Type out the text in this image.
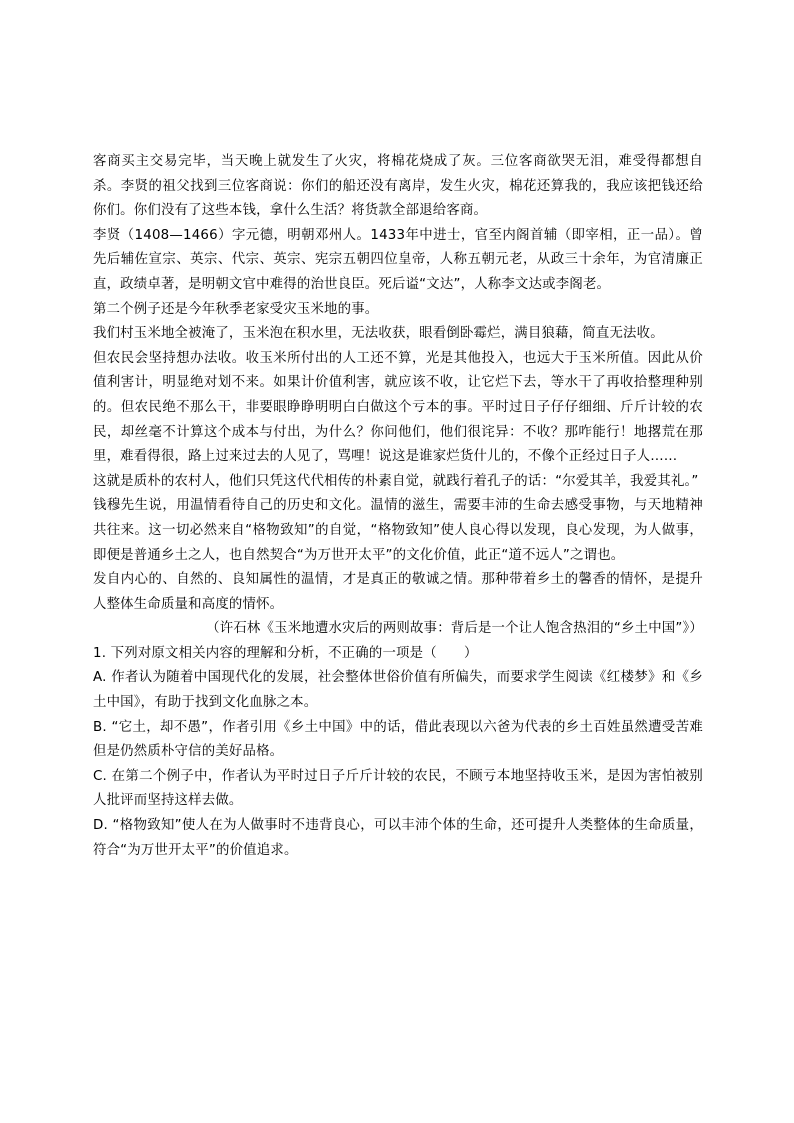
客商买主交易完毕，当天晚上就发生了火灾，将棉花烧成了灰。三位客商欲哭无泪，难受得都想自杀。李贤的祖父找到三位客商说：你们的船还没有离岸，发生火灾，棉花还算我的，我应该把钱还给你们。你们没有了这些本钱，拿什么生活？将货款全部退给客商。

李贤（1408—1466）字元德，明朝邓州人。1433年中进士，官至内阁首辅（即宰相，正一品）。曾先后辅佐宣宗、英宗、代宗、英宗、宪宗五朝四位皇帝，人称五朝元老，从政三十余年，为官清廉正直，政绩卓著，是明朝文官中难得的治世良臣。死后谥“文达”，人称李文达或李阁老。

第二个例子还是今年秋季老家受灾玉米地的事。

我们村玉米地全被淹了，玉米泡在积水里，无法收获，眼看倒卧霉烂，满目狼藉，简直无法收。

但农民会坚持想办法收。收玉米所付出的人工还不算，光是其他投入，也远大于玉米所值。因此从价值利害计，明显绝对划不来。如果计价值利害，就应该不收，让它烂下去，等水干了再收拾整理种别的。但农民绝不那么干，非要眼睁睁明明白白做这个亏本的事。平时过日子仔仔细细、斤斤计较的农民，却丝毫不计算这个成本与付出，为什么？你问他们，他们很诧异：不收？那咋能行！地撂荒在那里，难看得很，路上过来过去的人见了，骂哩！说这是谁家烂货什儿的，不像个正经过日子人……

这就是质朴的农村人，他们只凭这代代相传的朴素自觉，就践行着孔子的话：“尔爱其羊，我爱其礼。”

钱穆先生说，用温情看待自己的历史和文化。温情的滋生，需要丰沛的生命去感受事物，与天地精神共往来。这一切必然来自“格物致知”的自觉，“格物致知”使人良心得以发现，良心发现，为人做事，即便是普通乡土之人，也自然契合“为万世开太平”的文化价值，此正“道不远人”之谓也。

发自内心的、自然的、良知属性的温情，才是真正的敬诚之情。那种带着乡土的馨香的情怀，是提升人整体生命质量和高度的情怀。

（许石林《玉米地遭水灾后的两则故事：背后是一个让人饱含热泪的“乡土中国”》）

1. 下列对原文相关内容的理解和分析，不正确的一项是（　　）

A. 作者认为随着中国现代化的发展，社会整体世俗价值有所偏失，而要求学生阅读《红楼梦》和《乡土中国》，有助于找到文化血脉之本。

B. “它土，却不愚”，作者引用《乡土中国》中的话，借此表现以六爸为代表的乡土百姓虽然遭受苦难但是仍然质朴守信的美好品格。

C. 在第二个例子中，作者认为平时过日子斤斤计较的农民，不顾亏本地坚持收玉米，是因为害怕被别人批评而坚持这样去做。

D. “格物致知”使人在为人做事时不违背良心，可以丰沛个体的生命，还可提升人类整体的生命质量，符合“为万世开太平”的价值追求。
